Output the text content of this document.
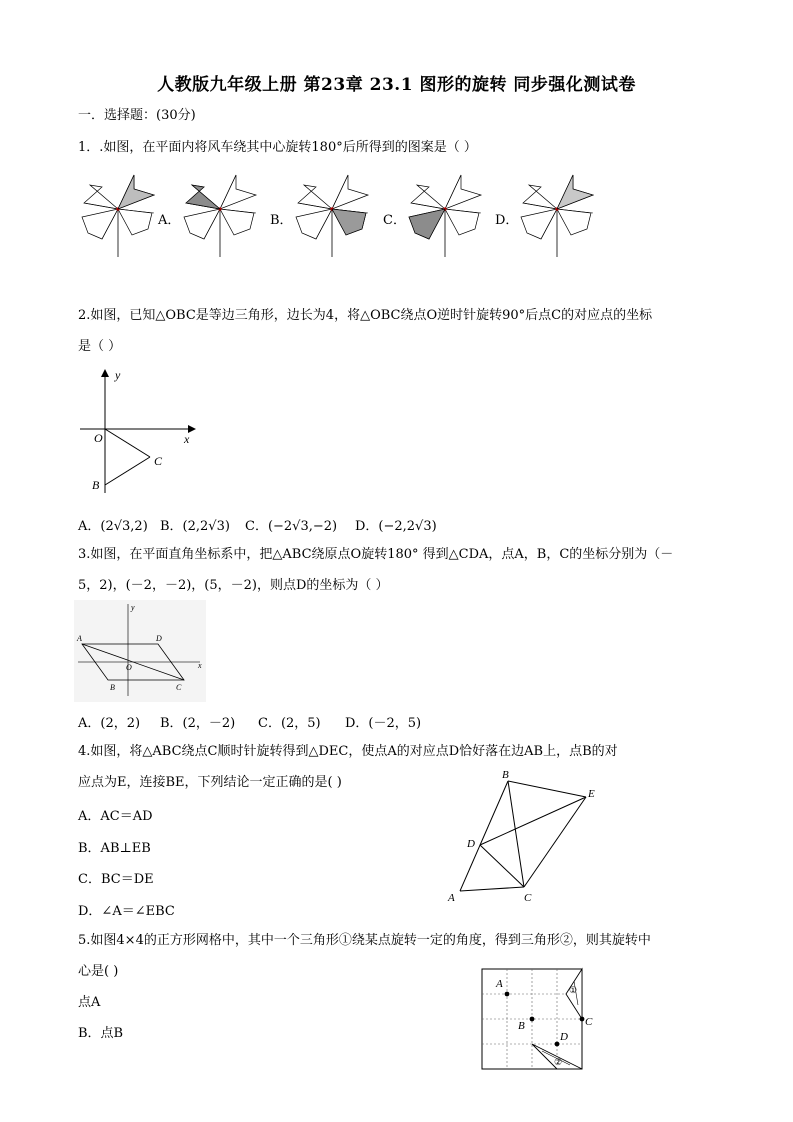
人教版九年级上册 第23章 23.1 图形的旋转 同步强化测试卷
一．选择题：(30分)
1．.如图，在平面内将风车绕其中心旋转180°后所得到的图案是（ ）
A．	B．	C．	D．
2.如图，已知△OBC是等边三角形，边长为4，将△OBC绕点O逆时针旋转90°后点C的对应点的坐标
是（ ）
y
x
O
B
C
A．(2√3,2) B．(2,2√3) C．(−2√3,−2) D．(−2,2√3)
3.如图，在平面直角坐标系中，把△ABC绕原点O旋转180° 得到△CDA，点A，B，C的坐标分别为（－
5，2)，(－2，－2)，(5，－2)，则点D的坐标为（ ）
y
x
A	D
O
B	C
A．(2，2) B．(2，－2) C．(2，5) D．(－2，5)
4.如图，将△ABC绕点C顺时针旋转得到△DEC，使点A的对应点D恰好落在边AB上，点B的对
应点为E，连接BE，下列结论一定正确的是( )
A．AC＝AD
B．AB⊥EB
C．BC＝DE
D．∠A＝∠EBC
B
E
D
A	C
5.如图4×4的正方形网格中，其中一个三角形①绕某点旋转一定的角度，得到三角形②，则其旋转中
心是( )
点A
B．点B
A
B	C
D
①
②
